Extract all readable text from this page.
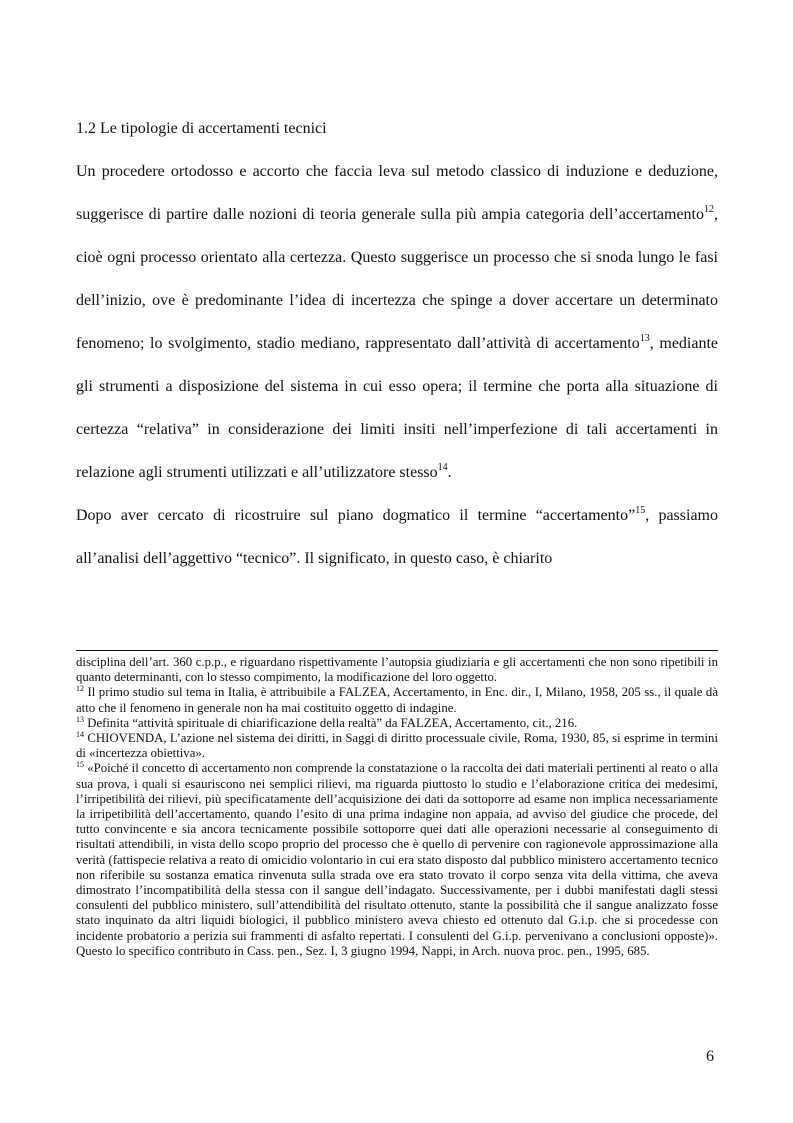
1.2 Le tipologie di accertamenti tecnici

Un procedere ortodosso e accorto che faccia leva sul metodo classico di induzione e deduzione, suggerisce di partire dalle nozioni di teoria generale sulla più ampia categoria dell’accertamento$^{12}$, cioè ogni processo orientato alla certezza. Questo suggerisce un processo che si snoda lungo le fasi dell’inizio, ove è predominante l’idea di incertezza che spinge a dover accertare un determinato fenomeno; lo svolgimento, stadio mediano, rappresentato dall’attività di accertamento$^{13}$, mediante gli strumenti a disposizione del sistema in cui esso opera; il termine che porta alla situazione di certezza “relativa” in considerazione dei limiti insiti nell’imperfezione di tali accertamenti in relazione agli strumenti utilizzati e all’utilizzatore stesso$^{14}$.

Dopo aver cercato di ricostruire sul piano dogmatico il termine “accertamento”$^{15}$, passiamo all’analisi dell’aggettivo “tecnico”. Il significato, in questo caso, è chiarito

disciplina dell’art. 360 c.p.p., e riguardano rispettivamente l’autopsia giudiziaria e gli accertamenti che non sono ripetibili in quanto determinanti, con lo stesso compimento, la modificazione del loro oggetto.

$^{12}$ Il primo studio sul tema in Italia, è attribuibile a FALZEA, Accertamento, in Enc. dir., I, Milano, 1958, 205 ss., il quale dà atto che il fenomeno in generale non ha mai costituito oggetto di indagine.

$^{13}$ Definita “attività spirituale di chiarificazione della realtà” da FALZEA, Accertamento, cit., 216.

$^{14}$ CHIOVENDA, L’azione nel sistema dei diritti, in Saggi di diritto processuale civile, Roma, 1930, 85, si esprime in termini di «incertezza obiettiva».

$^{15}$ «Poiché il concetto di accertamento non comprende la constatazione o la raccolta dei dati materiali pertinenti al reato o alla sua prova, i quali si esauriscono nei semplici rilievi, ma riguarda piuttosto lo studio e l’elaborazione critica dei medesimi, l’irripetibilità dei rilievi, più specificatamente dell’acquisizione dei dati da sottoporre ad esame non implica necessariamente la irripetibilità dell’accertamento, quando l’esito di una prima indagine non appaia, ad avviso del giudice che procede, del tutto convincente e sia ancora tecnicamente possibile sottoporre quei dati alle operazioni necessarie al conseguimento di risultati attendibili, in vista dello scopo proprio del processo che è quello di pervenire con ragionevole approssimazione alla verità (fattispecie relativa a reato di omicidio volontario in cui era stato disposto dal pubblico ministero accertamento tecnico non riferibile su sostanza ematica rinvenuta sulla strada ove era stato trovato il corpo senza vita della vittima, che aveva dimostrato l’incompatibilità della stessa con il sangue dell’indagato. Successivamente, per i dubbi manifestati dagli stessi consulenti del pubblico ministero, sull’attendibilità del risultato ottenuto, stante la possibilità che il sangue analizzato fosse stato inquinato da altri liquidi biologici, il pubblico ministero aveva chiesto ed ottenuto dal G.i.p. che si procedesse con incidente probatorio a perizia sui frammenti di asfalto repertati. I consulenti del G.i.p. pervenivano a conclusioni opposte)». Questo lo specifico contributo in Cass. pen., Sez. I, 3 giugno 1994, Nappi, in Arch. nuova proc. pen., 1995, 685.

6
